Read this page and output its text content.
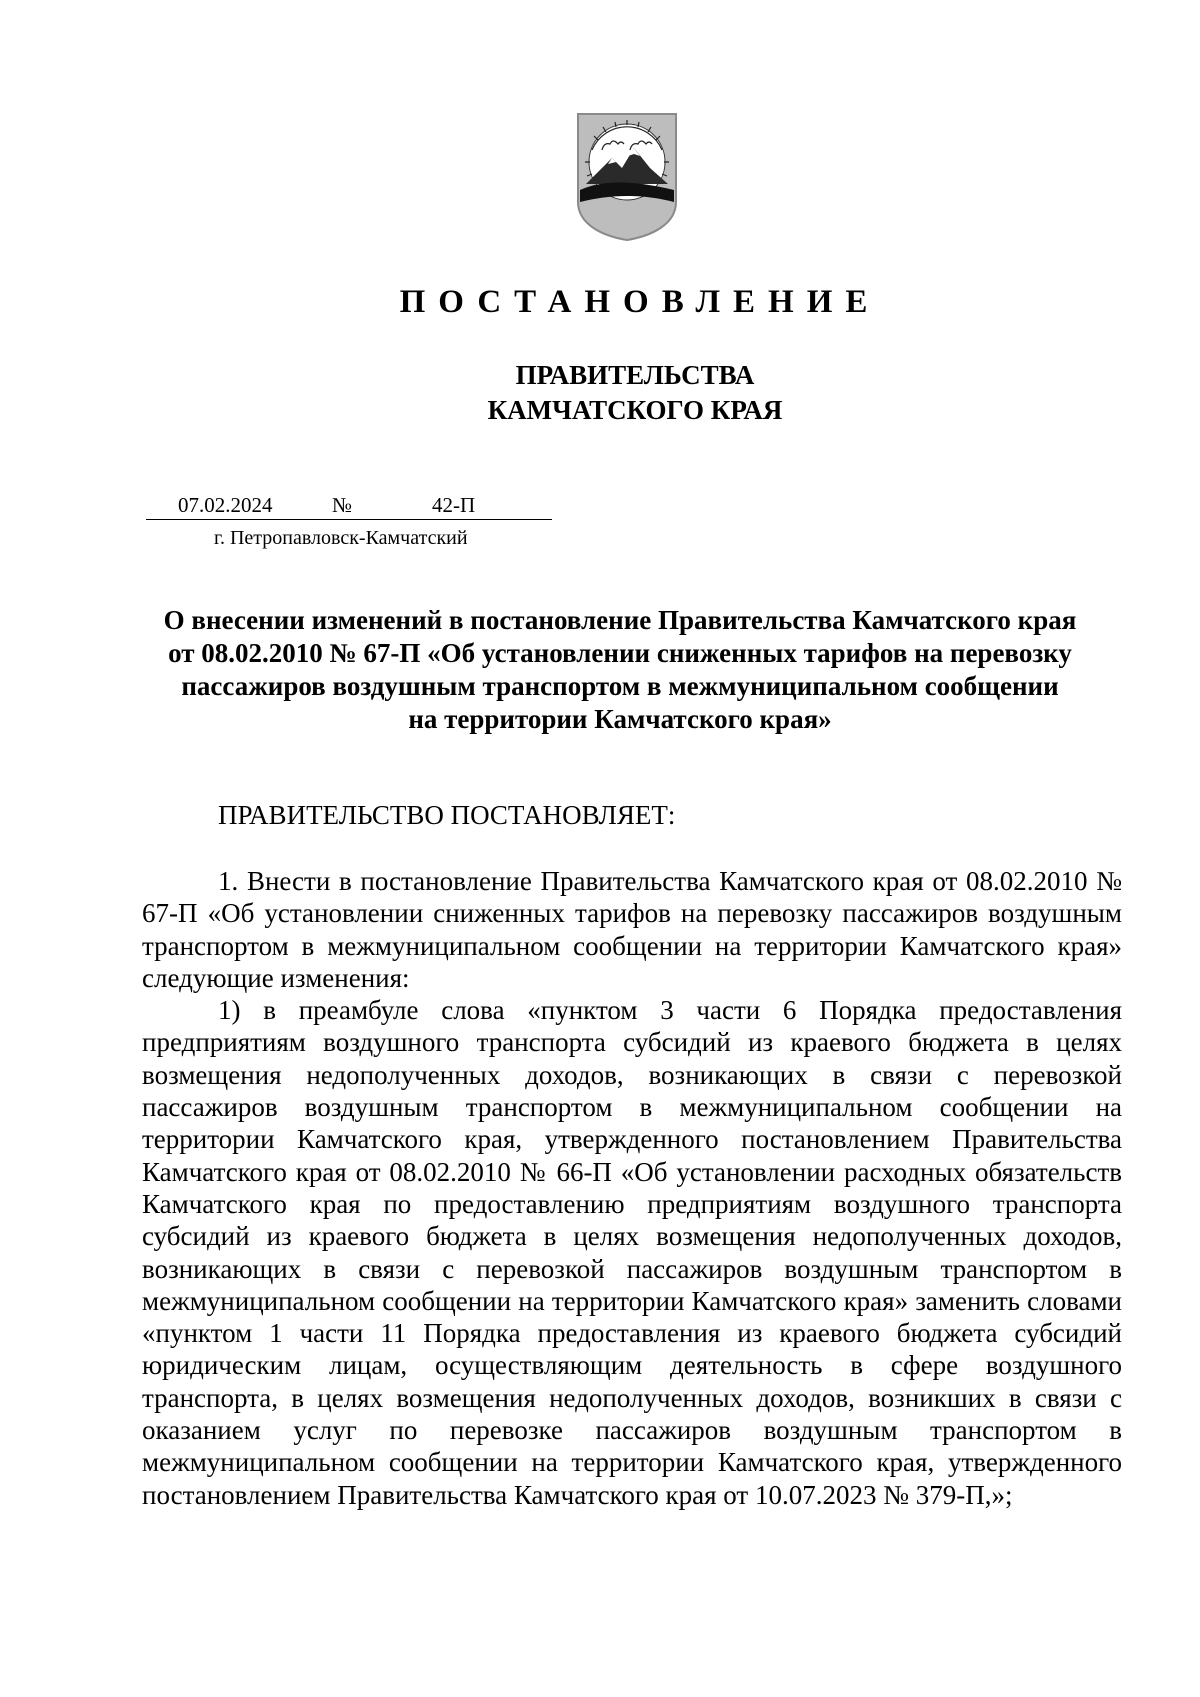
ПОСТАНОВЛЕНИЕ
ПРАВИТЕЛЬСТВА
КАМЧАТСКОГО КРАЯ
07.02.2024	№	42-П
г. Петропавловск-Камчатский
О внесении изменений в постановление Правительства Камчатского края
от 08.02.2010 № 67-П «Об установлении сниженных тарифов на перевозку
пассажиров воздушным транспортом в межмуниципальном сообщении
на территории Камчатского края»
ПРАВИТЕЛЬСТВО ПОСТАНОВЛЯЕТ:

1. Внести в постановление Правительства Камчатского края от 08.02.2010 № 67-П «Об установлении сниженных тарифов на перевозку пассажиров воздушным транспортом в межмуниципальном сообщении на территории Камчатского края» следующие изменения:

1) в преамбуле слова «пунктом 3 части 6 Порядка предоставления предприятиям воздушного транспорта субсидий из краевого бюджета в целях возмещения недополученных доходов, возникающих в связи с перевозкой пассажиров воздушным транспортом в межмуниципальном сообщении на территории Камчатского края, утвержденного постановлением Правительства Камчатского края от 08.02.2010 № 66-П «Об установлении расходных обязательств Камчатского края по предоставлению предприятиям воздушного транспорта субсидий из краевого бюджета в целях возмещения недополученных доходов, возникающих в связи с перевозкой пассажиров воздушным транспортом в межмуниципальном сообщении на территории Камчатского края» заменить словами «пунктом 1 части 11 Порядка предоставления из краевого бюджета субсидий юридическим лицам, осуществляющим деятельность в сфере воздушного транспорта, в целях возмещения недополученных доходов, возникших в связи с оказанием услуг по перевозке пассажиров воздушным транспортом в межмуниципальном сообщении на территории Камчатского края, утвержденного постановлением Правительства Камчатского края от 10.07.2023 № 379-П,»;
